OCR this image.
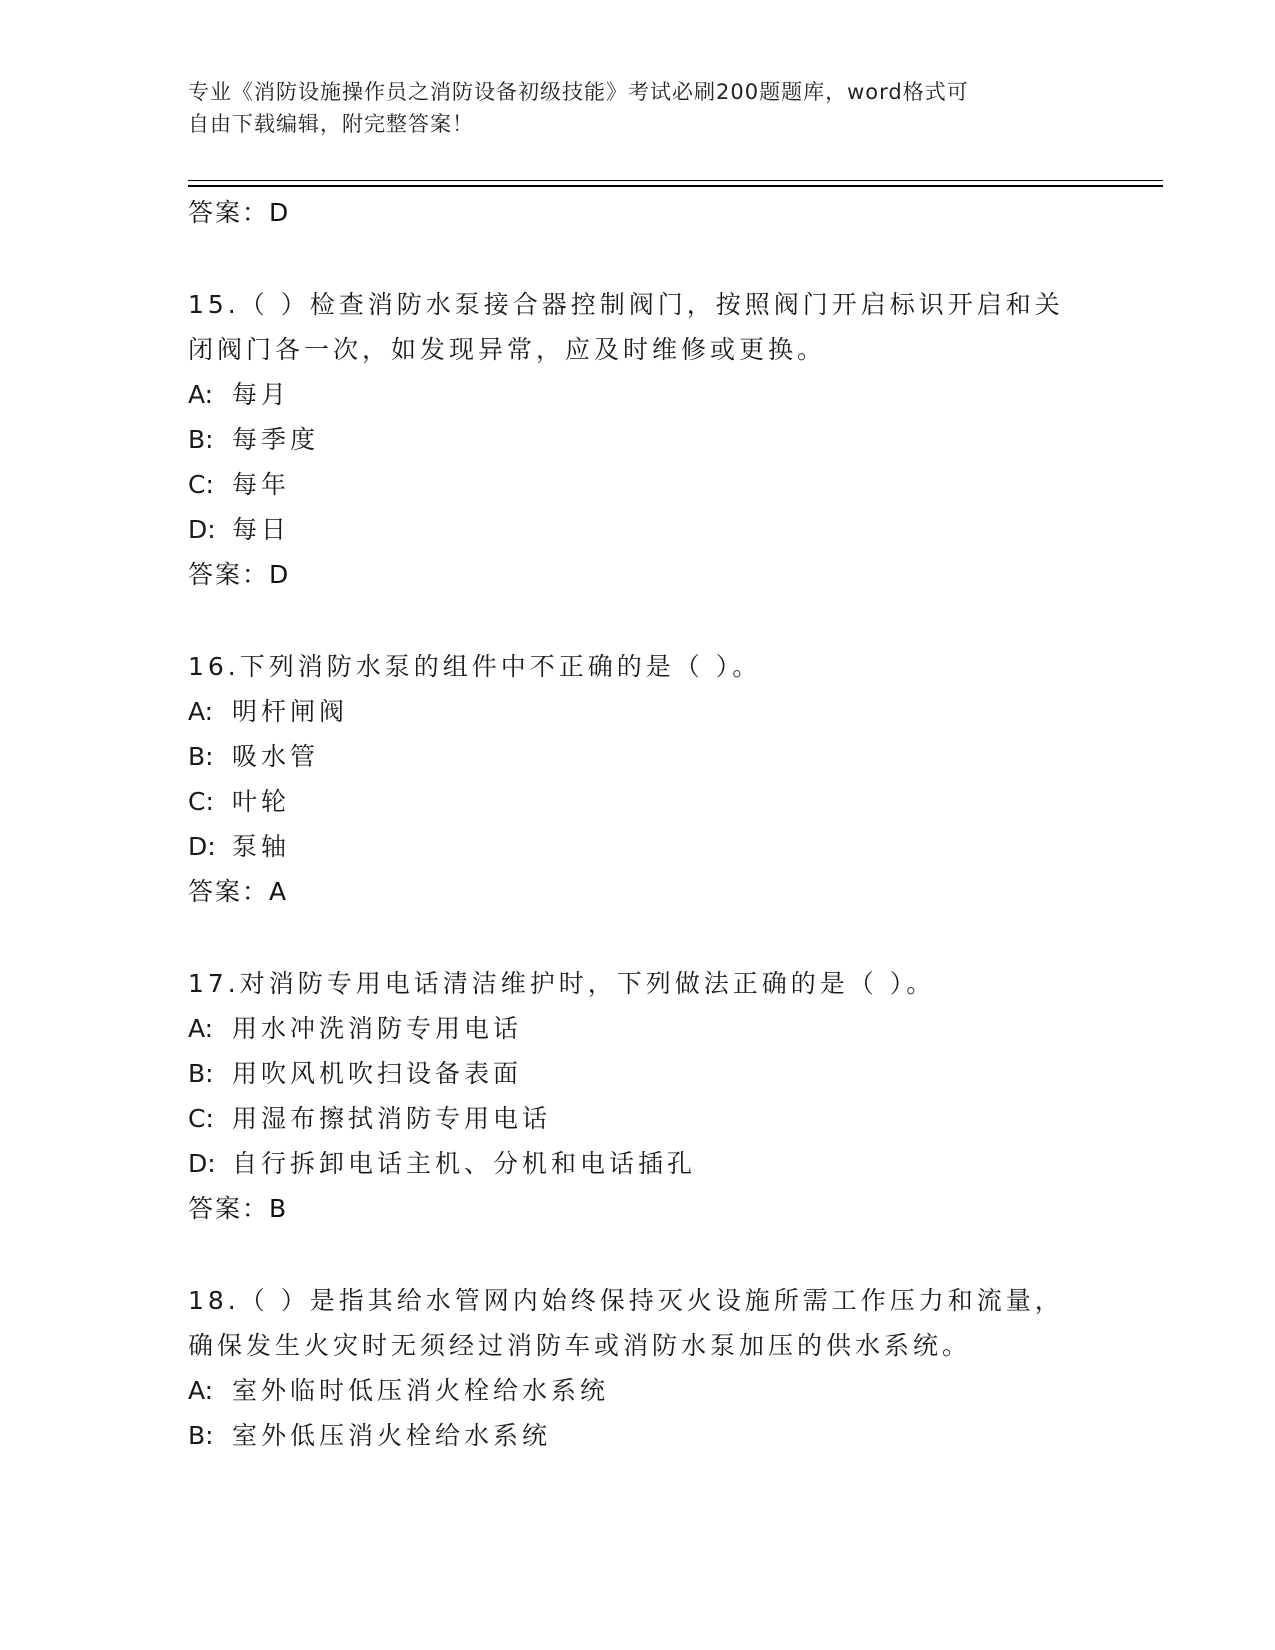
专业《消防设施操作员之消防设备初级技能》考试必刷200题题库，word格式可
自由下载编辑，附完整答案！
答案：D
15.（ ）检查消防水泵接合器控制阀门，按照阀门开启标识开启和关
闭阀门各一次，如发现异常，应及时维修或更换。
A: 每月
B: 每季度
C: 每年
D: 每日
答案：D
16.下列消防水泵的组件中不正确的是（ ）。
A: 明杆闸阀
B: 吸水管
C: 叶轮
D: 泵轴
答案：A
17.对消防专用电话清洁维护时，下列做法正确的是（ ）。
A: 用水冲洗消防专用电话
B: 用吹风机吹扫设备表面
C: 用湿布擦拭消防专用电话
D: 自行拆卸电话主机、分机和电话插孔
答案：B
18.（ ）是指其给水管网内始终保持灭火设施所需工作压力和流量，
确保发生火灾时无须经过消防车或消防水泵加压的供水系统。
A: 室外临时低压消火栓给水系统
B: 室外低压消火栓给水系统
